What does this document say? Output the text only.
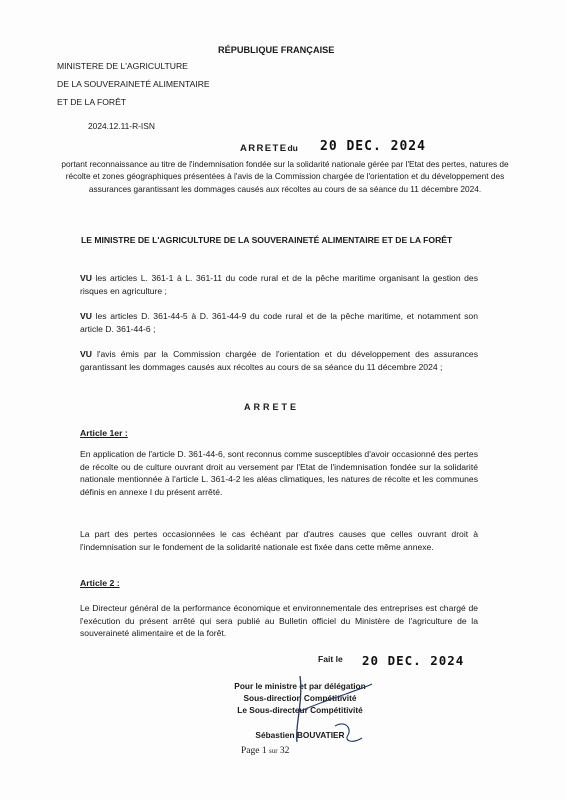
RÉPUBLIQUE FRANÇAISE
MINISTERE DE L'AGRICULTURE
DE LA SOUVERAINETÉ ALIMENTAIRE
ET DE LA FORÊT
2024.12.11-R-ISN
ARRETEdu 20 DEC. 2024
portant reconnaissance au titre de l'indemnisation fondée sur la solidarité nationale gérée par l'Etat des pertes, natures de récolte et zones géographiques présentées à l'avis de la Commission chargée de l'orientation et du développement des assurances garantissant les dommages causés aux récoltes au cours de sa séance du 11 décembre 2024.
LE MINISTRE DE L'AGRICULTURE DE LA SOUVERAINETÉ ALIMENTAIRE ET DE LA FORÊT
VU les articles L. 361-1 à L. 361-11 du code rural et de la pêche maritime organisant la gestion des risques en agriculture ;
VU les articles D. 361-44-5 à D. 361-44-9 du code rural et de la pêche maritime, et notamment son article D. 361-44-6 ;
VU l'avis émis par la Commission chargée de l'orientation et du développement des assurances garantissant les dommages causés aux récoltes au cours de sa séance du 11 décembre 2024 ;
ARRETE
Article 1er :
En application de l'article D. 361-44-6, sont reconnus comme susceptibles d'avoir occasionné des pertes de récolte ou de culture ouvrant droit au versement par l'Etat de l'indemnisation fondée sur la solidarité nationale mentionnée à l'article L. 361-4-2 les aléas climatiques, les natures de récolte et les communes définis en annexe I du présent arrêté.
La part des pertes occasionnées le cas échéant par d'autres causes que celles ouvrant droit à l'indemnisation sur le fondement de la solidarité nationale est fixée dans cette même annexe.
Article 2 :
Le Directeur général de la performance économique et environnementale des entreprises est chargé de l'exécution du présent arrêté qui sera publié au Bulletin officiel du Ministère de l'agriculture de la souveraineté alimentaire et de la forêt.
Fait le 20 DEC. 2024
Pour le ministre et par délégation
Sous-direction Compétitivité
Le Sous-directeur Compétitivité
Sébastien BOUVATIER
Page 1 sur 32
